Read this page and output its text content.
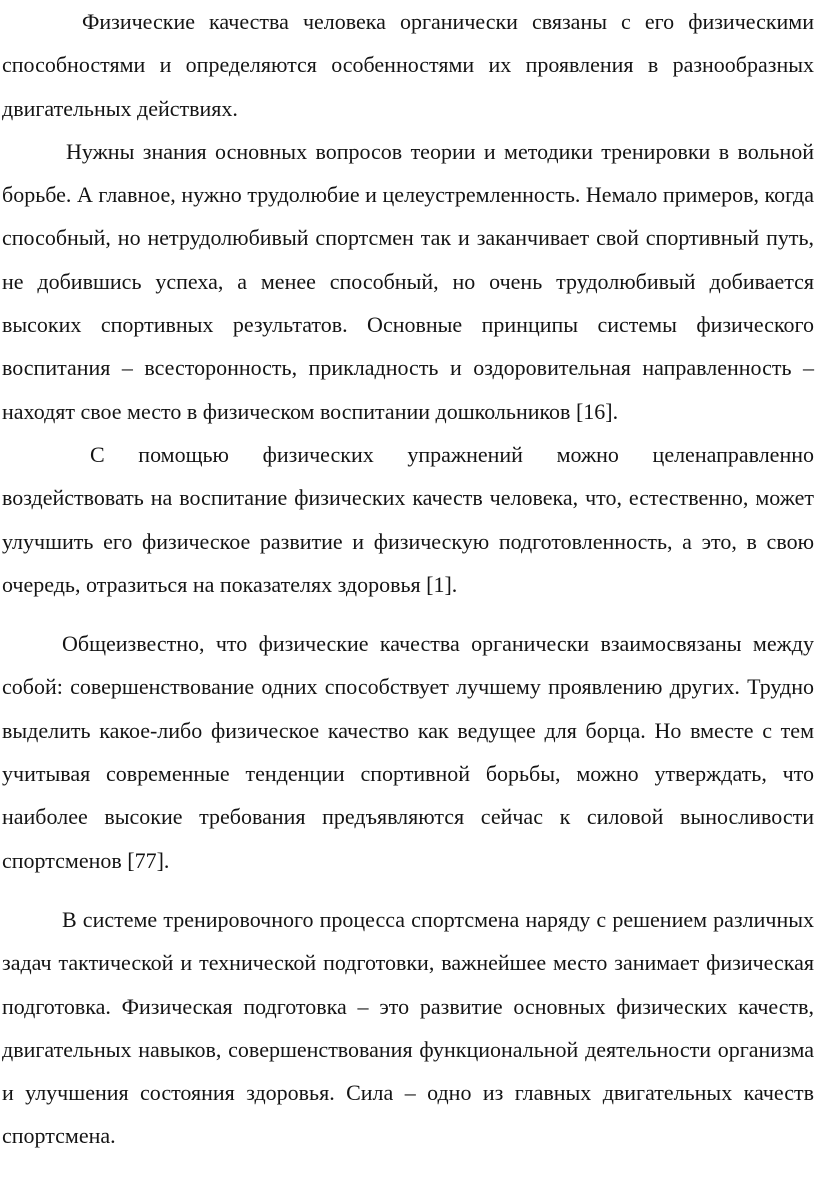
Физические качества человека органически связаны с его физическими способностями и определяются особенностями их проявления в разнообразных двигательных действиях.

Нужны знания основных вопросов теории и методики тренировки в вольной борьбе. А главное, нужно трудолюбие и целеустремленность. Немало примеров, когда способный, но нетрудолюбивый спортсмен так и заканчивает свой спортивный путь, не добившись успеха, а менее способный, но очень трудолюбивый добивается высоких спортивных результатов. Основные принципы системы физического воспитания – всесторонность, прикладность и оздоровительная направленность – находят свое место в физическом воспитании дошкольников [16].

С помощью физических упражнений можно целенаправленно воздействовать на воспитание физических качеств человека, что, естественно, может улучшить его физическое развитие и физическую подготовленность, а это, в свою очередь, отразиться на показателях здоровья [1].

Общеизвестно, что физические качества органически взаимосвязаны между собой: совершенствование одних способствует лучшему проявлению других. Трудно выделить какое-либо физическое качество как ведущее для борца. Но вместе с тем учитывая современные тенденции спортивной борьбы, можно утверждать, что наиболее высокие требования предъявляются сейчас к силовой выносливости спортсменов [77].

В системе тренировочного процесса спортсмена наряду с решением различных задач тактической и технической подготовки, важнейшее место занимает физическая подготовка. Физическая подготовка – это развитие основных физических качеств, двигательных навыков, совершенствования функциональной деятельности организма и улучшения состояния здоровья. Сила – одно из главных двигательных качеств спортсмена.
